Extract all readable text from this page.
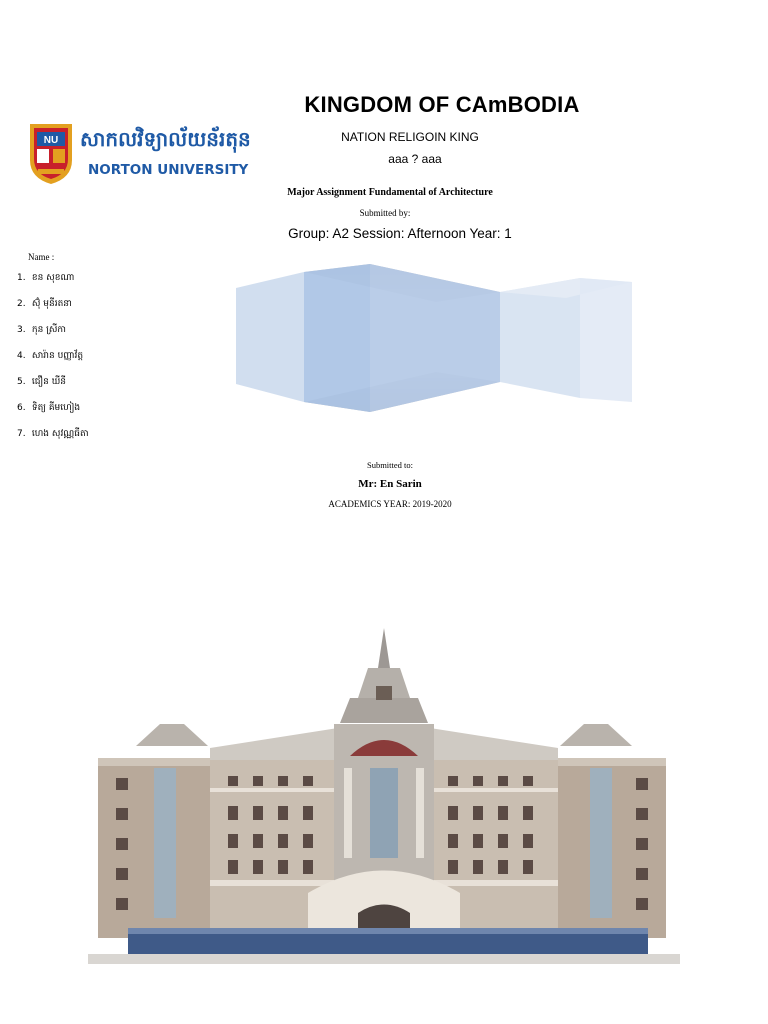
KINGDOM OF CAmBODIA
NATION RELIGOIN KING
aaa ? aaa
NU សាកលវិទ្យាល័យន័រតុន
NORTON UNIVERSITY
Major Assignment Fundamental of Architecture
Submitted by:
Group: A2 Session: Afternoon Year: 1
Name :
1. ខន សុខណា
2. ស៊ុំ មុនីរតនា
3. កុន ស្រីកា
4. សារ៉ាន បញ្ញាវ័ត្ត
5. ជឿន ឃីនី
6. ទិត្យ គីមហៀង
7. ហេង សុវណ្ណធីតា
Submitted to:
Mr: En Sarin
ACADEMICS YEAR: 2019-2020
